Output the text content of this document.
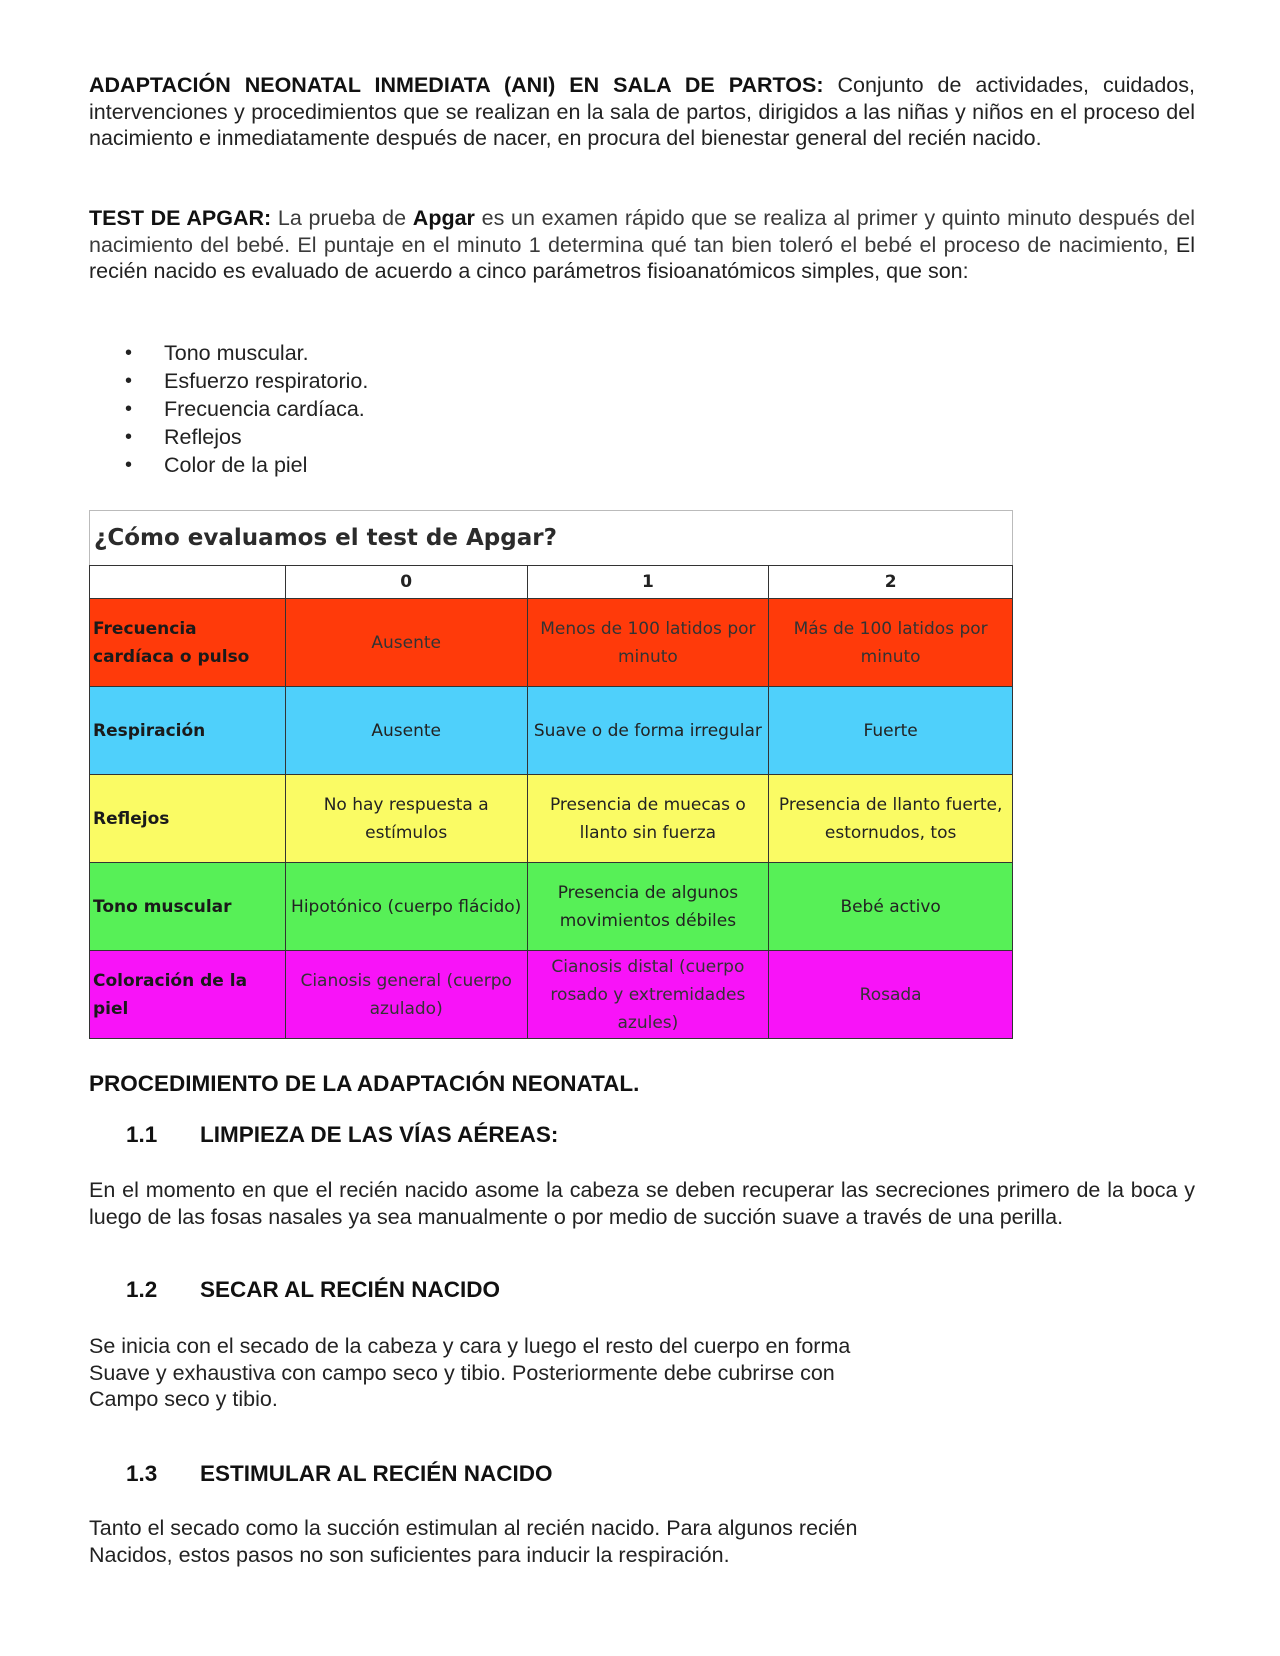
ADAPTACIÓN NEONATAL INMEDIATA (ANI) EN SALA DE PARTOS: Conjunto de actividades, cuidados, intervenciones y procedimientos que se realizan en la sala de partos, dirigidos a las niñas y niños en el proceso del nacimiento e inmediatamente después de nacer, en procura del bienestar general del recién nacido.

TEST DE APGAR: La prueba de Apgar es un examen rápido que se realiza al primer y quinto minuto después del nacimiento del bebé. El puntaje en el minuto 1 determina qué tan bien toleró el bebé el proceso de nacimiento, El recién nacido es evaluado de acuerdo a cinco parámetros fisioanatómicos simples, que son:

• Tono muscular.
• Esfuerzo respiratorio.
• Frecuencia cardíaca.
• Reflejos
• Color de la piel
¿Cómo evaluamos el test de Apgar?			
	0	1	2
Frecuencia cardíaca o pulso	Ausente	Menos de 100 latidos por minuto	Más de 100 latidos por minuto
Respiración	Ausente	Suave o de forma irregular	Fuerte
Reflejos	No hay respuesta a estímulos	Presencia de muecas o llanto sin fuerza	Presencia de llanto fuerte, estornudos, tos
Tono muscular	Hipotónico (cuerpo flácido)	Presencia de algunos movimientos débiles	Bebé activo
Coloración de la piel	Cianosis general (cuerpo azulado)	Cianosis distal (cuerpo rosado y extremidades azules)	Rosada
PROCEDIMIENTO DE LA ADAPTACIÓN NEONATAL.
1.1 LIMPIEZA DE LAS VÍAS AÉREAS:

En el momento en que el recién nacido asome la cabeza se deben recuperar las secreciones primero de la boca y luego de las fosas nasales ya sea manualmente o por medio de succión suave a través de una perilla.

1.2 SECAR AL RECIÉN NACIDO

Se inicia con el secado de la cabeza y cara y luego el resto del cuerpo en forma

Suave y exhaustiva con campo seco y tibio. Posteriormente debe cubrirse con

Campo seco y tibio.

1.3 ESTIMULAR AL RECIÉN NACIDO

Tanto el secado como la succión estimulan al recién nacido. Para algunos recién

Nacidos, estos pasos no son suficientes para inducir la respiración.
